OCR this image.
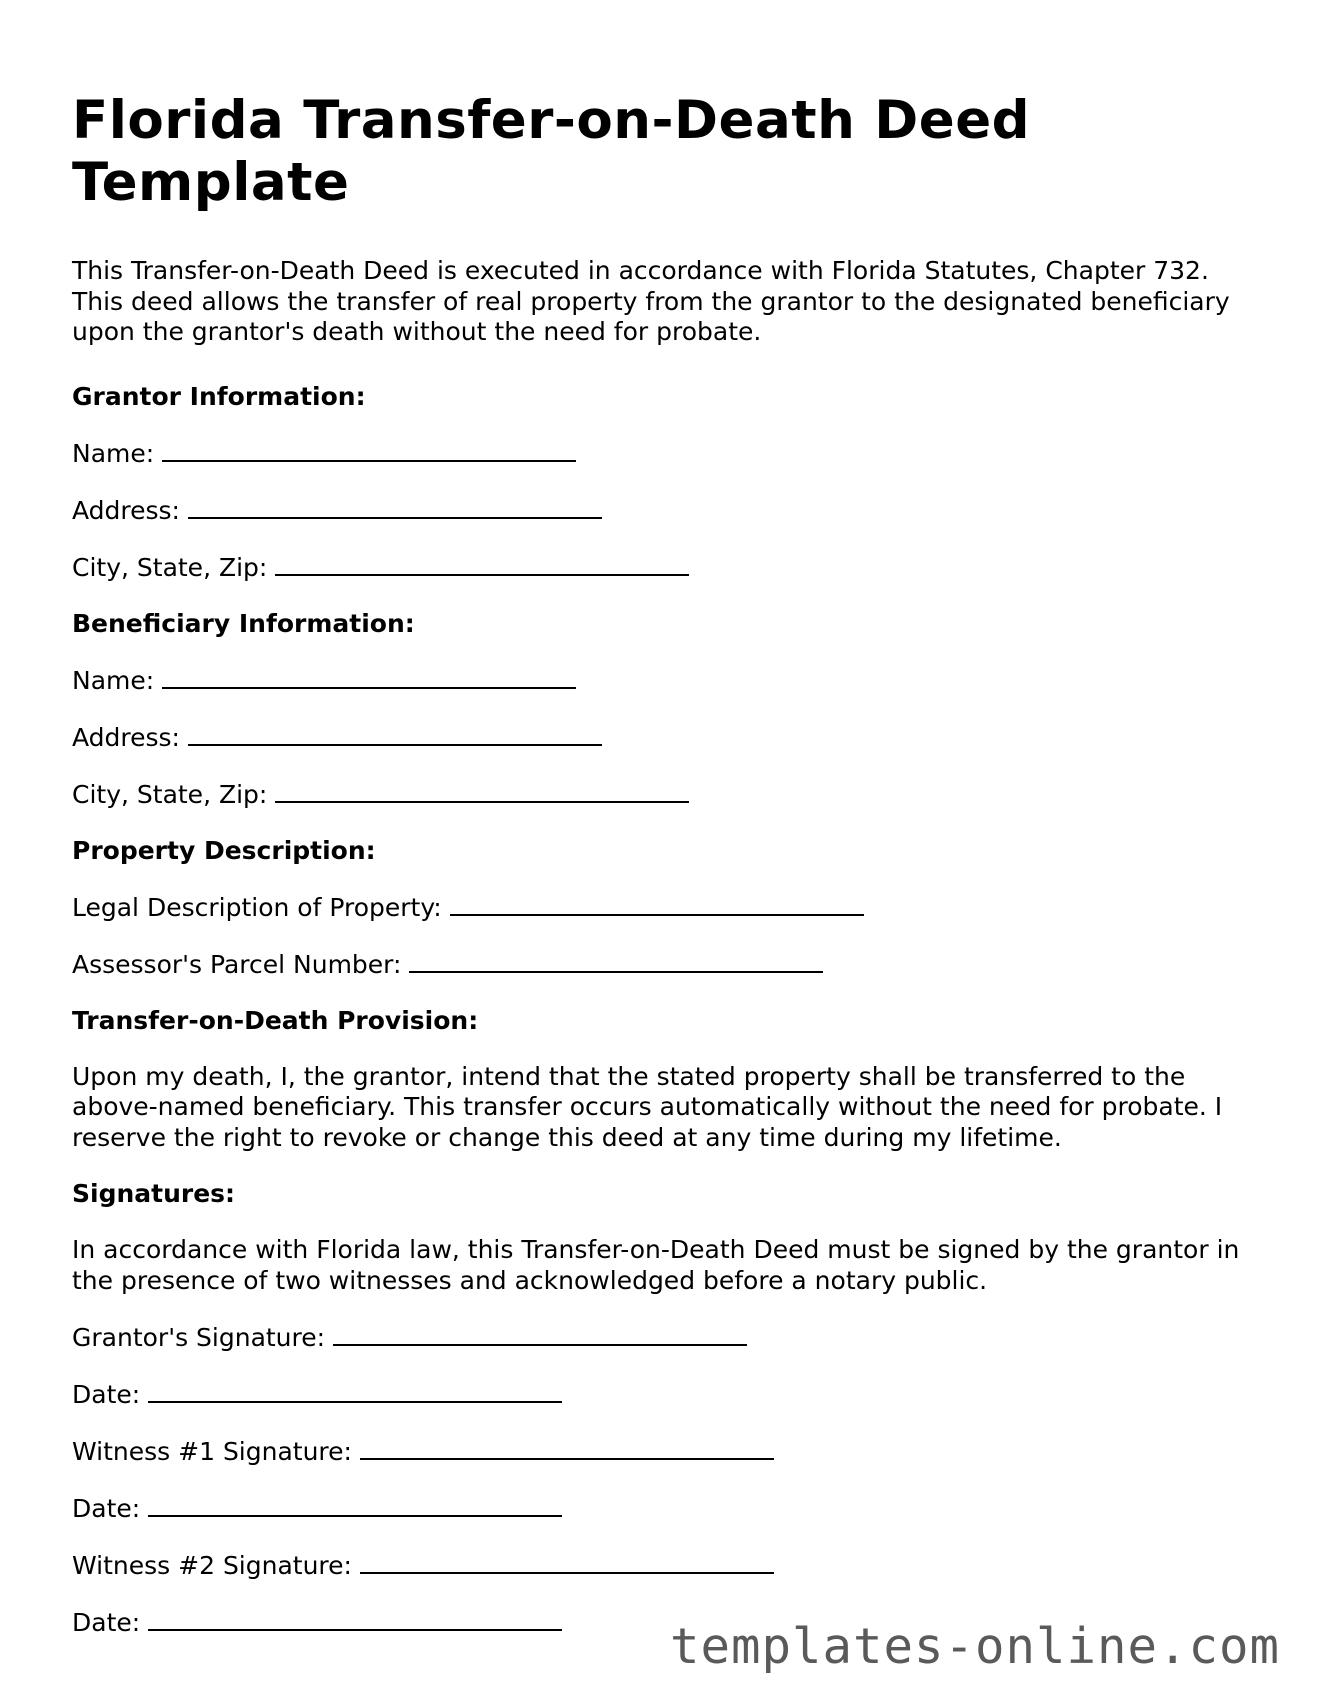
Florida Transfer-on-Death Deed Template

This Transfer-on-Death Deed is executed in accordance with Florida Statutes, Chapter 732. This deed allows the transfer of real property from the grantor to the designated beneficiary upon the grantor's death without the need for probate.

Grantor Information:
Name:
Address:
City, State, Zip:
Beneficiary Information:
Name:
Address:
City, State, Zip:
Property Description:
Legal Description of Property:
Assessor's Parcel Number:
Transfer-on-Death Provision:

Upon my death, I, the grantor, intend that the stated property shall be transferred to the above-named beneficiary. This transfer occurs automatically without the need for probate. I reserve the right to revoke or change this deed at any time during my lifetime.

Signatures:

In accordance with Florida law, this Transfer-on-Death Deed must be signed by the grantor in the presence of two witnesses and acknowledged before a notary public.

Grantor's Signature:
Date:
Witness #1 Signature:
Date:
Witness #2 Signature:
Date:	templates-online.com
